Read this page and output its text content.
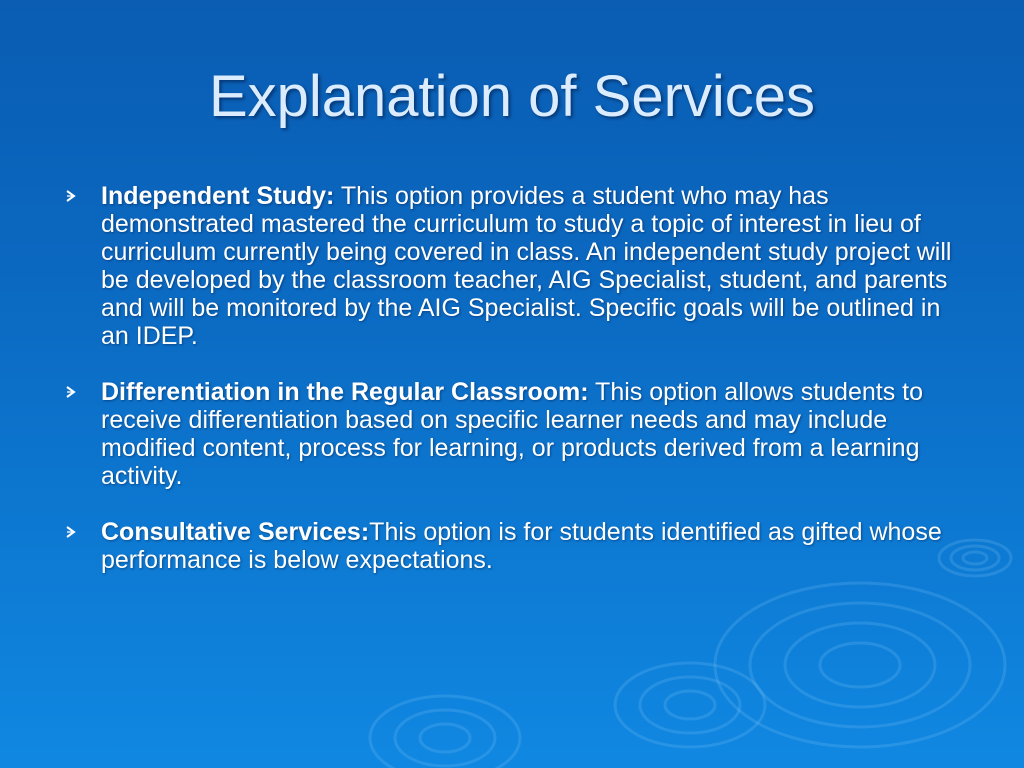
Explanation of Services
Independent Study: This option provides a student who may has demonstrated mastered the curriculum to study a topic of interest in lieu of curriculum currently being covered in class. An independent study project will be developed by the classroom teacher, AIG Specialist, student, and parents and will be monitored by the AIG Specialist. Specific goals will be outlined in an IDEP.
Differentiation in the Regular Classroom: This option allows students to receive differentiation based on specific learner needs and may include modified content, process for learning, or products derived from a learning activity.
Consultative Services:This option is for students identified as gifted whose performance is below expectations.
